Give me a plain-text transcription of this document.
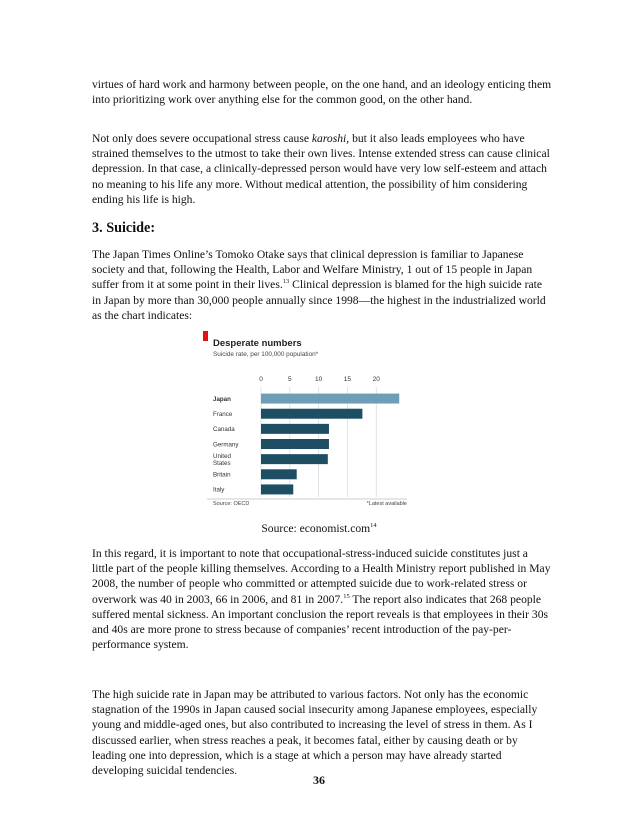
virtues of hard work and harmony between people, on the one hand, and an ideology enticing them into prioritizing work over anything else for the common good, on the other hand.

Not only does severe occupational stress cause karoshi, but it also leads employees who have strained themselves to the utmost to take their own lives. Intense extended stress can cause clinical depression. In that case, a clinically-depressed person would have very low self-esteem and attach no meaning to his life any more. Without medical attention, the possibility of him considering ending his life is high.

3. Suicide:

The Japan Times Online’s Tomoko Otake says that clinical depression is familiar to Japanese society and that, following the Health, Labor and Welfare Ministry, 1 out of 15 people in Japan suffer from it at some point in their lives.$^{13}$ Clinical depression is blamed for the high suicide rate in Japan by more than 30,000 people annually since 1998—the highest in the industrialized world as the chart indicates:

Desperate numbers
Suicide rate, per 100,000 population*
0	5	10	15	20
Japan
France
Canada
Germany
United States
Britain
Italy
Source: OECD	*Latest available
Source: economist.com$^{14}$

In this regard, it is important to note that occupational-stress-induced suicide constitutes just a little part of the people killing themselves. According to a Health Ministry report published in May 2008, the number of people who committed or attempted suicide due to work-related stress or overwork was 40 in 2003, 66 in 2006, and 81 in 2007.15 The report also indicates that 268 people suffered mental sickness. An important conclusion the report reveals is that employees in their 30s and 40s are more prone to stress because of companies’ recent introduction of the pay-per-performance system.

The high suicide rate in Japan may be attributed to various factors. Not only has the economic stagnation of the 1990s in Japan caused social insecurity among Japanese employees, especially young and middle-aged ones, but also contributed to increasing the level of stress in them. As I discussed earlier, when stress reaches a peak, it becomes fatal, either by causing death or by leading one into depression, which is a stage at which a person may have already started developing suicidal tendencies.

36
